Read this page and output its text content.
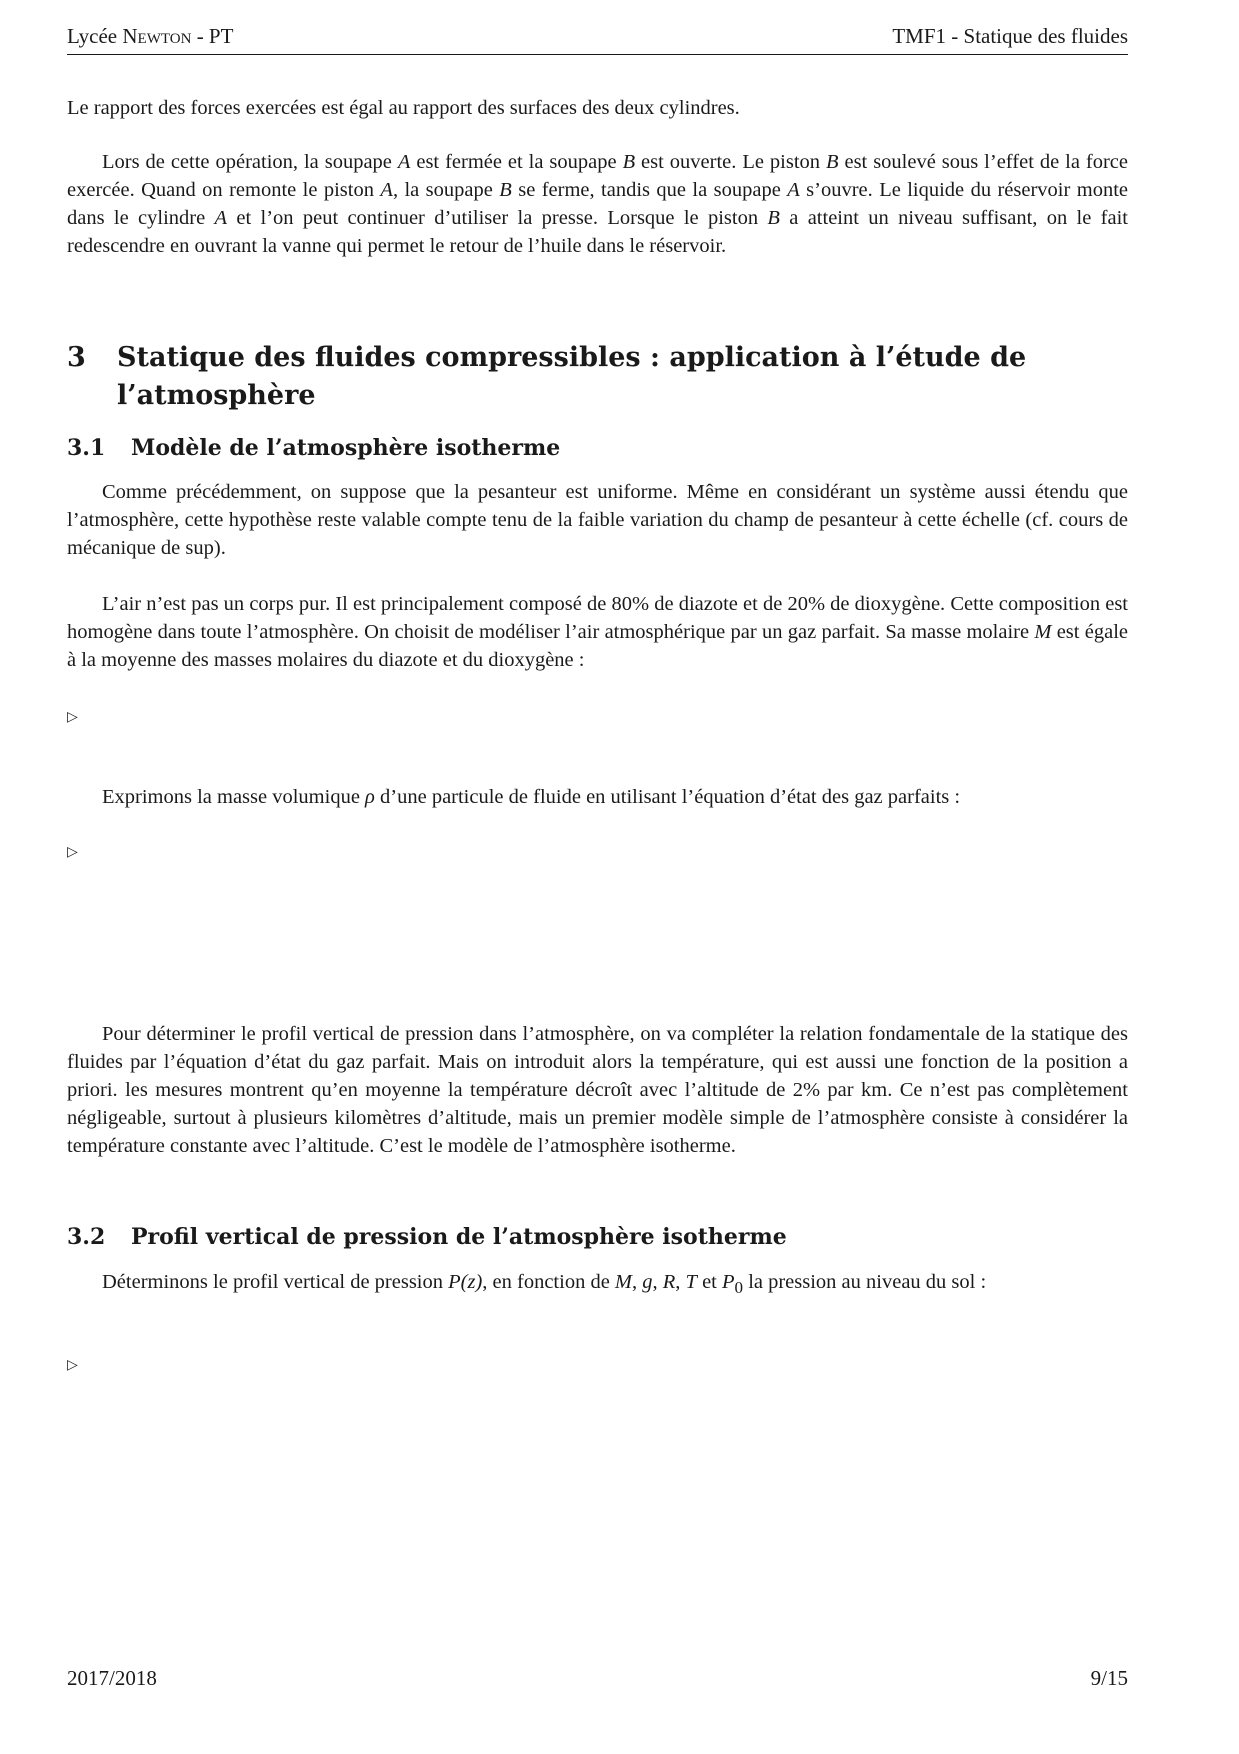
Lycée Newton - PT	TMF1 - Statique des fluides

Le rapport des forces exercées est égal au rapport des surfaces des deux cylindres.

Lors de cette opération, la soupape A est fermée et la soupape B est ouverte. Le piston B est soulevé sous l’effet de la force exercée. Quand on remonte le piston A, la soupape B se ferme, tandis que la soupape A s’ouvre. Le liquide du réservoir monte dans le cylindre A et l’on peut continuer d’utiliser la presse. Lorsque le piston B a atteint un niveau suffisant, on le fait redescendre en ouvrant la vanne qui permet le retour de l’huile dans le réservoir.

3 Statique des fluides compressibles : application à l’étude de l’atmosphère
3.1 Modèle de l’atmosphère isotherme

Comme précédemment, on suppose que la pesanteur est uniforme. Même en considérant un système aussi étendu que l’atmosphère, cette hypothèse reste valable compte tenu de la faible variation du champ de pesanteur à cette échelle (cf. cours de mécanique de sup).

L’air n’est pas un corps pur. Il est principalement composé de 80% de diazote et de 20% de dioxygène. Cette composition est homogène dans toute l’atmosphère. On choisit de modéliser l’air atmosphérique par un gaz parfait. Sa masse molaire M est égale à la moyenne des masses molaires du diazote et du dioxygène :

▷

Exprimons la masse volumique ρ d’une particule de fluide en utilisant l’équation d’état des gaz parfaits :

▷

Pour déterminer le profil vertical de pression dans l’atmosphère, on va compléter la relation fondamentale de la statique des fluides par l’équation d’état du gaz parfait. Mais on introduit alors la température, qui est aussi une fonction de la position a priori. les mesures montrent qu’en moyenne la température décroît avec l’altitude de 2% par km. Ce n’est pas complètement négligeable, surtout à plusieurs kilomètres d’altitude, mais un premier modèle simple de l’atmosphère consiste à considérer la température constante avec l’altitude. C’est le modèle de l’atmosphère isotherme.

3.2 Profil vertical de pression de l’atmosphère isotherme

Déterminons le profil vertical de pression P(z), en fonction de M, g, R, T et $P_0$ la pression au niveau du sol :

▷
2017/2018	9/15
